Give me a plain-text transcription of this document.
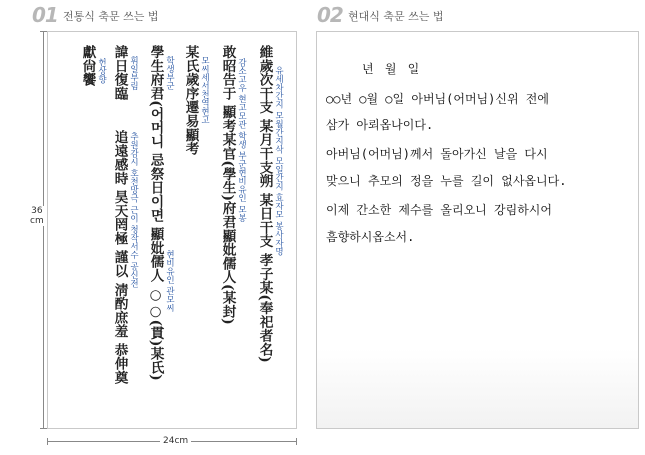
01 전통식 축문 쓰는 법	02 현대식 축문 쓰는 법
36
cm
24cm
維歲次干支 某月干支朔 某日干支 孝子某(奉祀者名) 유세차간지 모월간지삭 모일간지 효자모 봉사자명
敢昭告于 顯考某官(學生)府君顯妣儒人(某封) 감소고우 현고모관 학생 부군현비유인 모봉
某氏歲序遷易顯考 모씨세서천역현고
學生府君(어머니 忌祭日이면 顯妣儒人 ○○(貫)某氏) 학생부군
현비유인 관모씨
諱日復臨 휘일부림
追遠感時 昊天罔極 謹以 淸酌庶羞 恭伸奠 추원감시 호천망극 근이 청작서수 공신전
獻尙饗 헌상향	년 월 일
○○년 ○월 ○일 아버님(어머님)신위 전에
삼가 아뢰옵나이다.
아버님(어머님)께서 돌아가신 날을 다시
맞으니 추모의 정을 누를 길이 없사옵니다.
이제 간소한 제수를 올리오니 강림하시어
흠향하시옵소서.
